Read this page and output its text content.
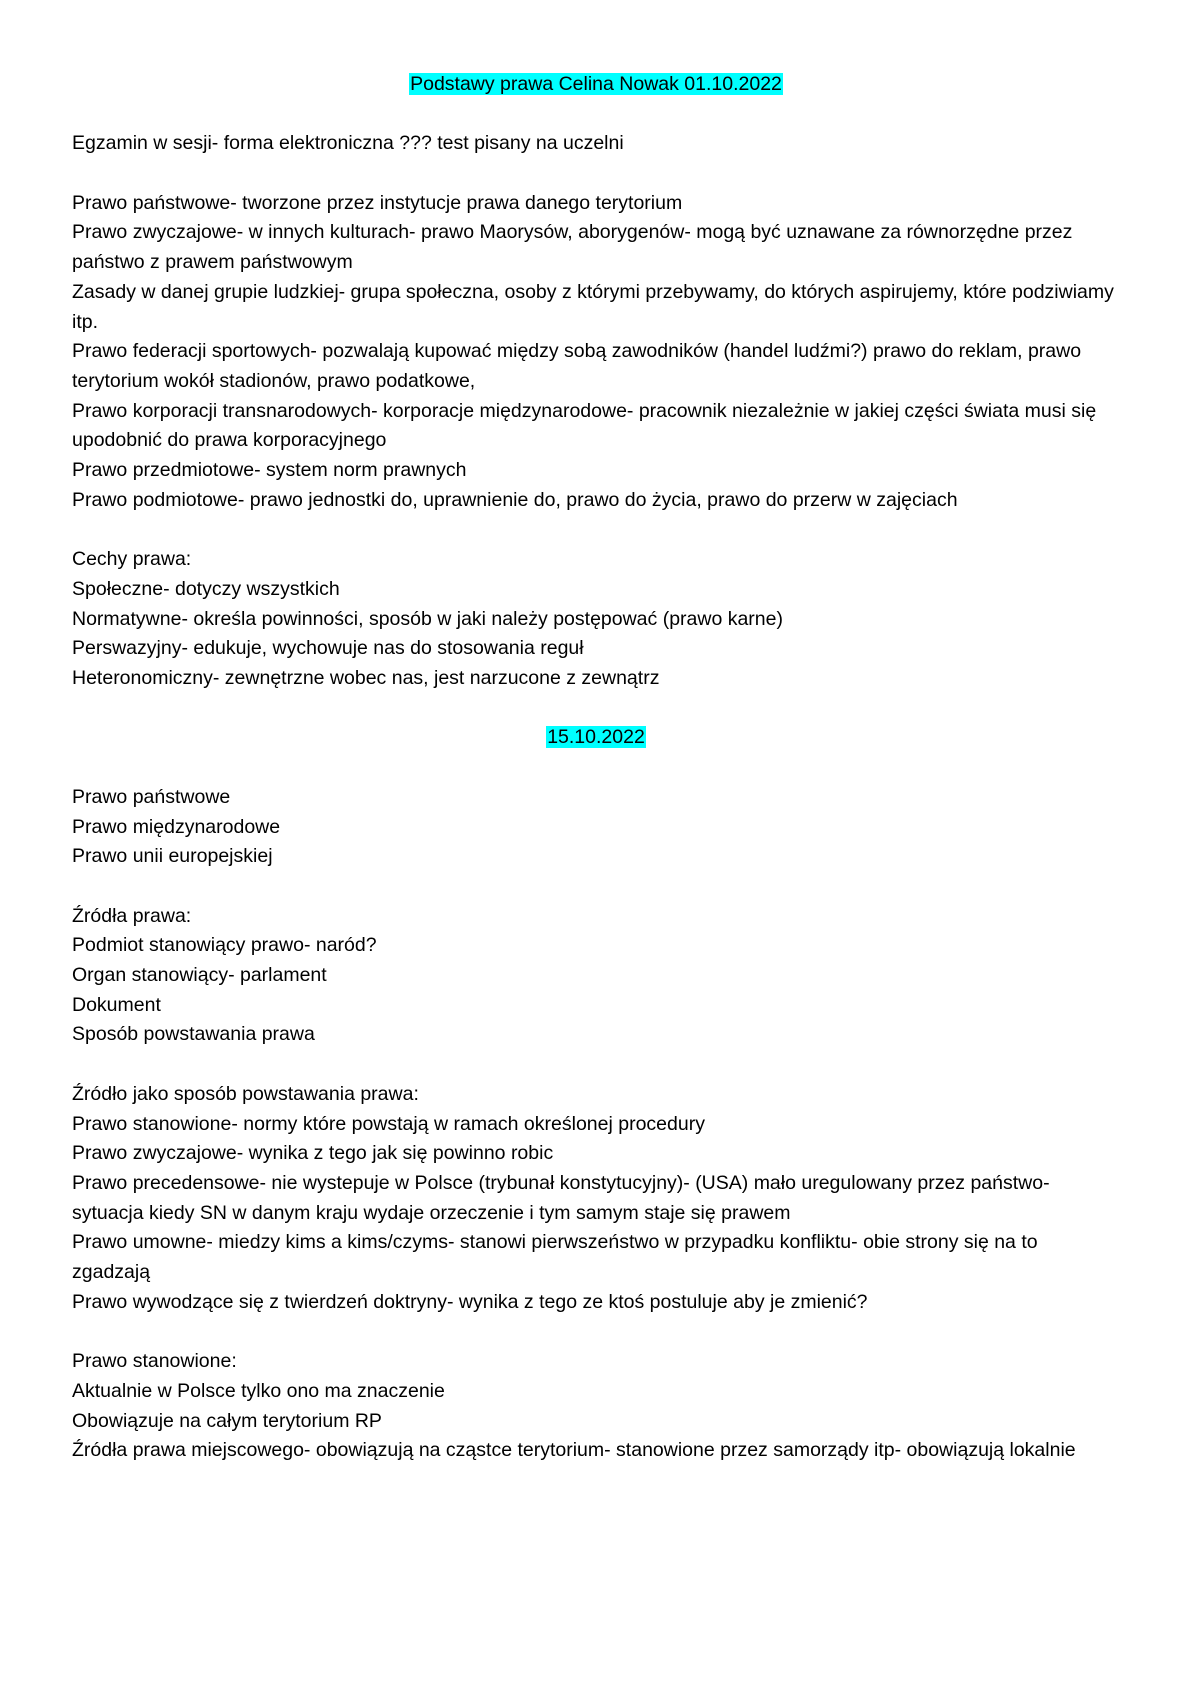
Podstawy prawa Celina Nowak 01.10.2022

Egzamin w sesji- forma elektroniczna ??? test pisany na uczelni

Prawo państwowe- tworzone przez instytucje prawa danego terytorium

Prawo zwyczajowe- w innych kulturach- prawo Maorysów, aborygenów- mogą być uznawane za równorzędne przez państwo z prawem państwowym

Zasady w danej grupie ludzkiej- grupa społeczna, osoby z którymi przebywamy, do których aspirujemy, które podziwiamy itp.

Prawo federacji sportowych- pozwalają kupować między sobą zawodników (handel ludźmi?) prawo do reklam, prawo terytorium wokół stadionów, prawo podatkowe,

Prawo korporacji transnarodowych- korporacje międzynarodowe- pracownik niezależnie w jakiej części świata musi się upodobnić do prawa korporacyjnego

Prawo przedmiotowe- system norm prawnych

Prawo podmiotowe- prawo jednostki do, uprawnienie do, prawo do życia, prawo do przerw w zajęciach

Cechy prawa:

Społeczne- dotyczy wszystkich

Normatywne- określa powinności, sposób w jaki należy postępować (prawo karne)

Perswazyjny- edukuje, wychowuje nas do stosowania reguł

Heteronomiczny- zewnętrzne wobec nas, jest narzucone z zewnątrz

15.10.2022

Prawo państwowe

Prawo międzynarodowe

Prawo unii europejskiej

Źródła prawa:

Podmiot stanowiący prawo- naród?

Organ stanowiący- parlament

Dokument

Sposób powstawania prawa

Źródło jako sposób powstawania prawa:

Prawo stanowione- normy które powstają w ramach określonej procedury

Prawo zwyczajowe- wynika z tego jak się powinno robic

Prawo precedensowe- nie wystepuje w Polsce (trybunał konstytucyjny)- (USA) mało uregulowany przez państwo- sytuacja kiedy SN w danym kraju wydaje orzeczenie i tym samym staje się prawem

Prawo umowne- miedzy kims a kims/czyms- stanowi pierwszeństwo w przypadku konfliktu- obie strony się na to zgadzają

Prawo wywodzące się z twierdzeń doktryny- wynika z tego ze ktoś postuluje aby je zmienić?

Prawo stanowione:

Aktualnie w Polsce tylko ono ma znaczenie

Obowiązuje na całym terytorium RP

Źródła prawa miejscowego- obowiązują na cząstce terytorium- stanowione przez samorządy itp- obowiązują lokalnie
